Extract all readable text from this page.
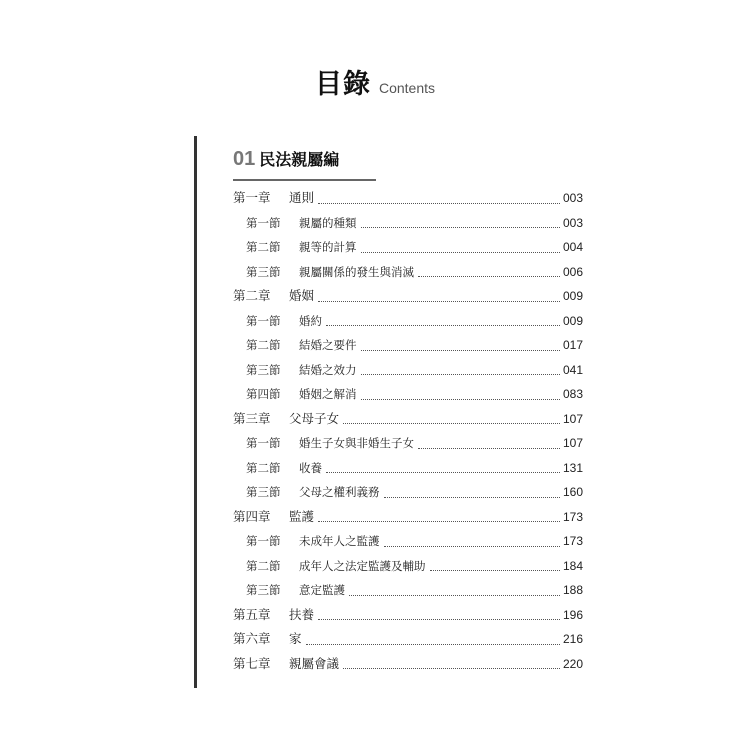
目錄 Contents
01 民法親屬編
第一章	通則	003
第一節	親屬的種類	003
第二節	親等的計算	004
第三節	親屬關係的發生與消滅	006
第二章	婚姻	009
第一節	婚約	009
第二節	結婚之要件	017
第三節	結婚之效力	041
第四節	婚姻之解消	083
第三章	父母子女	107
第一節	婚生子女與非婚生子女	107
第二節	收養	131
第三節	父母之權利義務	160
第四章	監護	173
第一節	未成年人之監護	173
第二節	成年人之法定監護及輔助	184
第三節	意定監護	188
第五章	扶養	196
第六章	家	216
第七章	親屬會議	220
